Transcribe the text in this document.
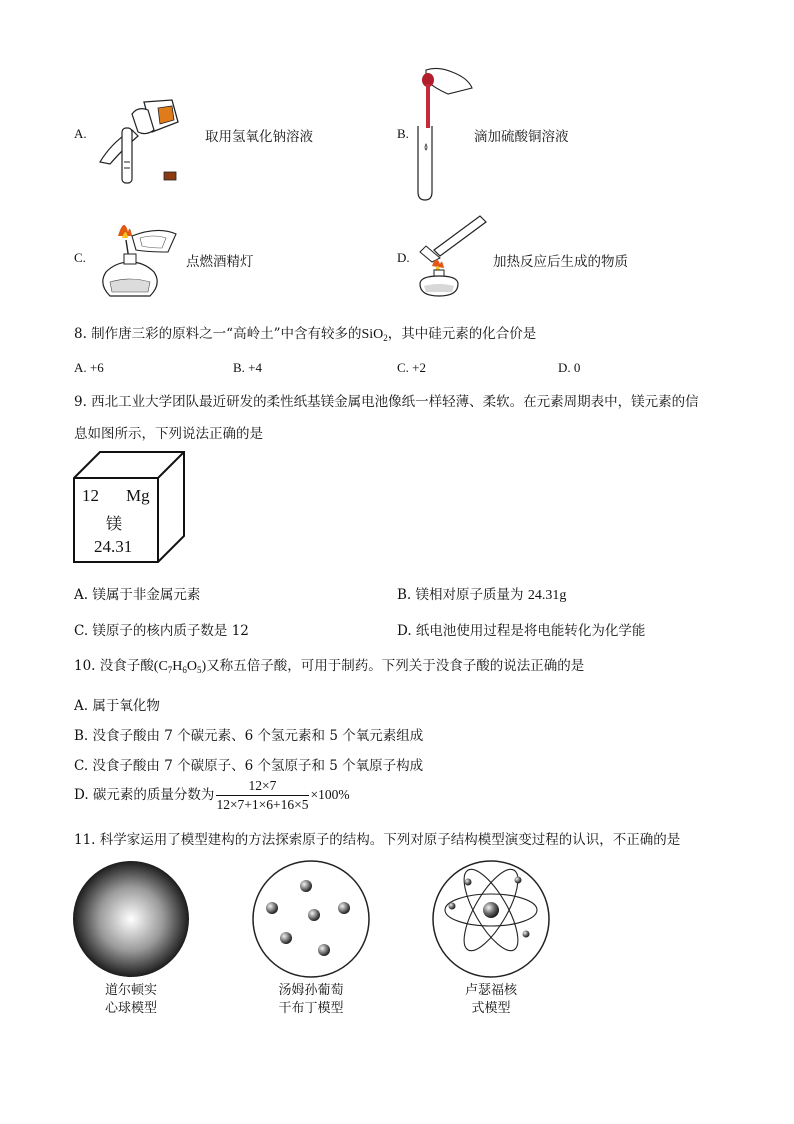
A.	取用氢氧化钠溶液	B.	滴加硫酸铜溶液
C.	点燃酒精灯	D.	加热反应后生成的物质
8. 制作唐三彩的原料之一“高岭土”中含有较多的SiO$_2$，其中硅元素的化合价是
A. +6	B. +4	C. +2	D. 0
9. 西北工业大学团队最近研发的柔性纸基镁金属电池像纸一样轻薄、柔软。在元素周期表中，镁元素的信
息如图所示，下列说法正确的是
12 Mg
镁
24.31
A. 镁属于非金属元素	B. 镁相对原子质量为 24.31g
C. 镁原子的核内质子数是 12	D. 纸电池使用过程是将电能转化为化学能
10. 没食子酸$(C_7H_6O_5)$又称五倍子酸，可用于制药。下列关于没食子酸的说法正确的是
A. 属于氧化物
B. 没食子酸由 7 个碳元素、6 个氢元素和 5 个氧元素组成
C. 没食子酸由 7 个碳原子、6 个氢原子和 5 个氧原子构成
D. 碳元素的质量分数为 $\frac{12\times 7}{12\times 7+1\times 6+16\times 5} \times 100\%$
11. 科学家运用了模型建构的方法探索原子的结构。下列对原子结构模型演变过程的认识，不正确的是
道尔顿实
心球模型
汤姆孙葡萄
干布丁模型
卢瑟福核
式模型
